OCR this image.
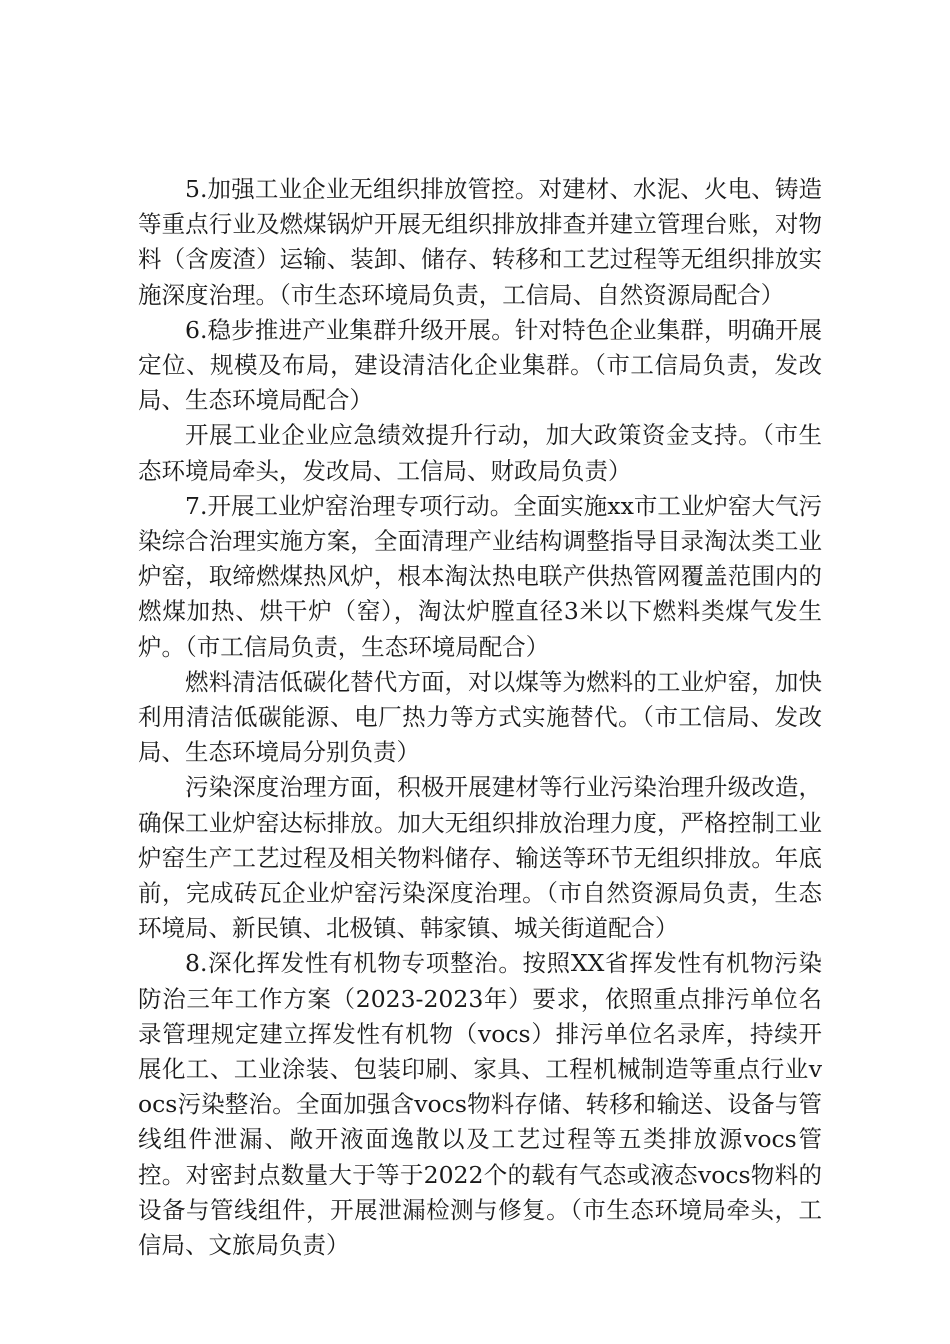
5.加强工业企业无组织排放管控。对建材、水泥、火电、铸造等重点行业及燃煤锅炉开展无组织排放排查并建立管理台账，对物料（含废渣）运输、装卸、储存、转移和工艺过程等无组织排放实施深度治理。（市生态环境局负责，工信局、自然资源局配合）

6.稳步推进产业集群升级开展。针对特色企业集群，明确开展定位、规模及布局，建设清洁化企业集群。（市工信局负责，发改局、生态环境局配合）

开展工业企业应急绩效提升行动，加大政策资金支持。（市生态环境局牵头，发改局、工信局、财政局负责）

7.开展工业炉窑治理专项行动。全面实施xx市工业炉窑大气污染综合治理实施方案，全面清理产业结构调整指导目录淘汰类工业炉窑，取缔燃煤热风炉，根本淘汰热电联产供热管网覆盖范围内的燃煤加热、烘干炉（窑），淘汰炉膛直径3米以下燃料类煤气发生炉。（市工信局负责，生态环境局配合）

燃料清洁低碳化替代方面，对以煤等为燃料的工业炉窑，加快利用清洁低碳能源、电厂热力等方式实施替代。（市工信局、发改局、生态环境局分别负责）

污染深度治理方面，积极开展建材等行业污染治理升级改造，确保工业炉窑达标排放。加大无组织排放治理力度，严格控制工业炉窑生产工艺过程及相关物料储存、输送等环节无组织排放。年底前，完成砖瓦企业炉窑污染深度治理。（市自然资源局负责，生态环境局、新民镇、北极镇、韩家镇、城关街道配合）

8.深化挥发性有机物专项整治。按照XX省挥发性有机物污染防治三年工作方案（2023-2023年）要求，依照重点排污单位名录管理规定建立挥发性有机物（vocs）排污单位名录库，持续开展化工、工业涂装、包装印刷、家具、工程机械制造等重点行业vocs污染整治。全面加强含vocs物料存储、转移和输送、设备与管线组件泄漏、敞开液面逸散以及工艺过程等五类排放源vocs管控。对密封点数量大于等于2022个的载有气态或液态vocs物料的设备与管线组件，开展泄漏检测与修复。（市生态环境局牵头，工信局、文旅局负责）
